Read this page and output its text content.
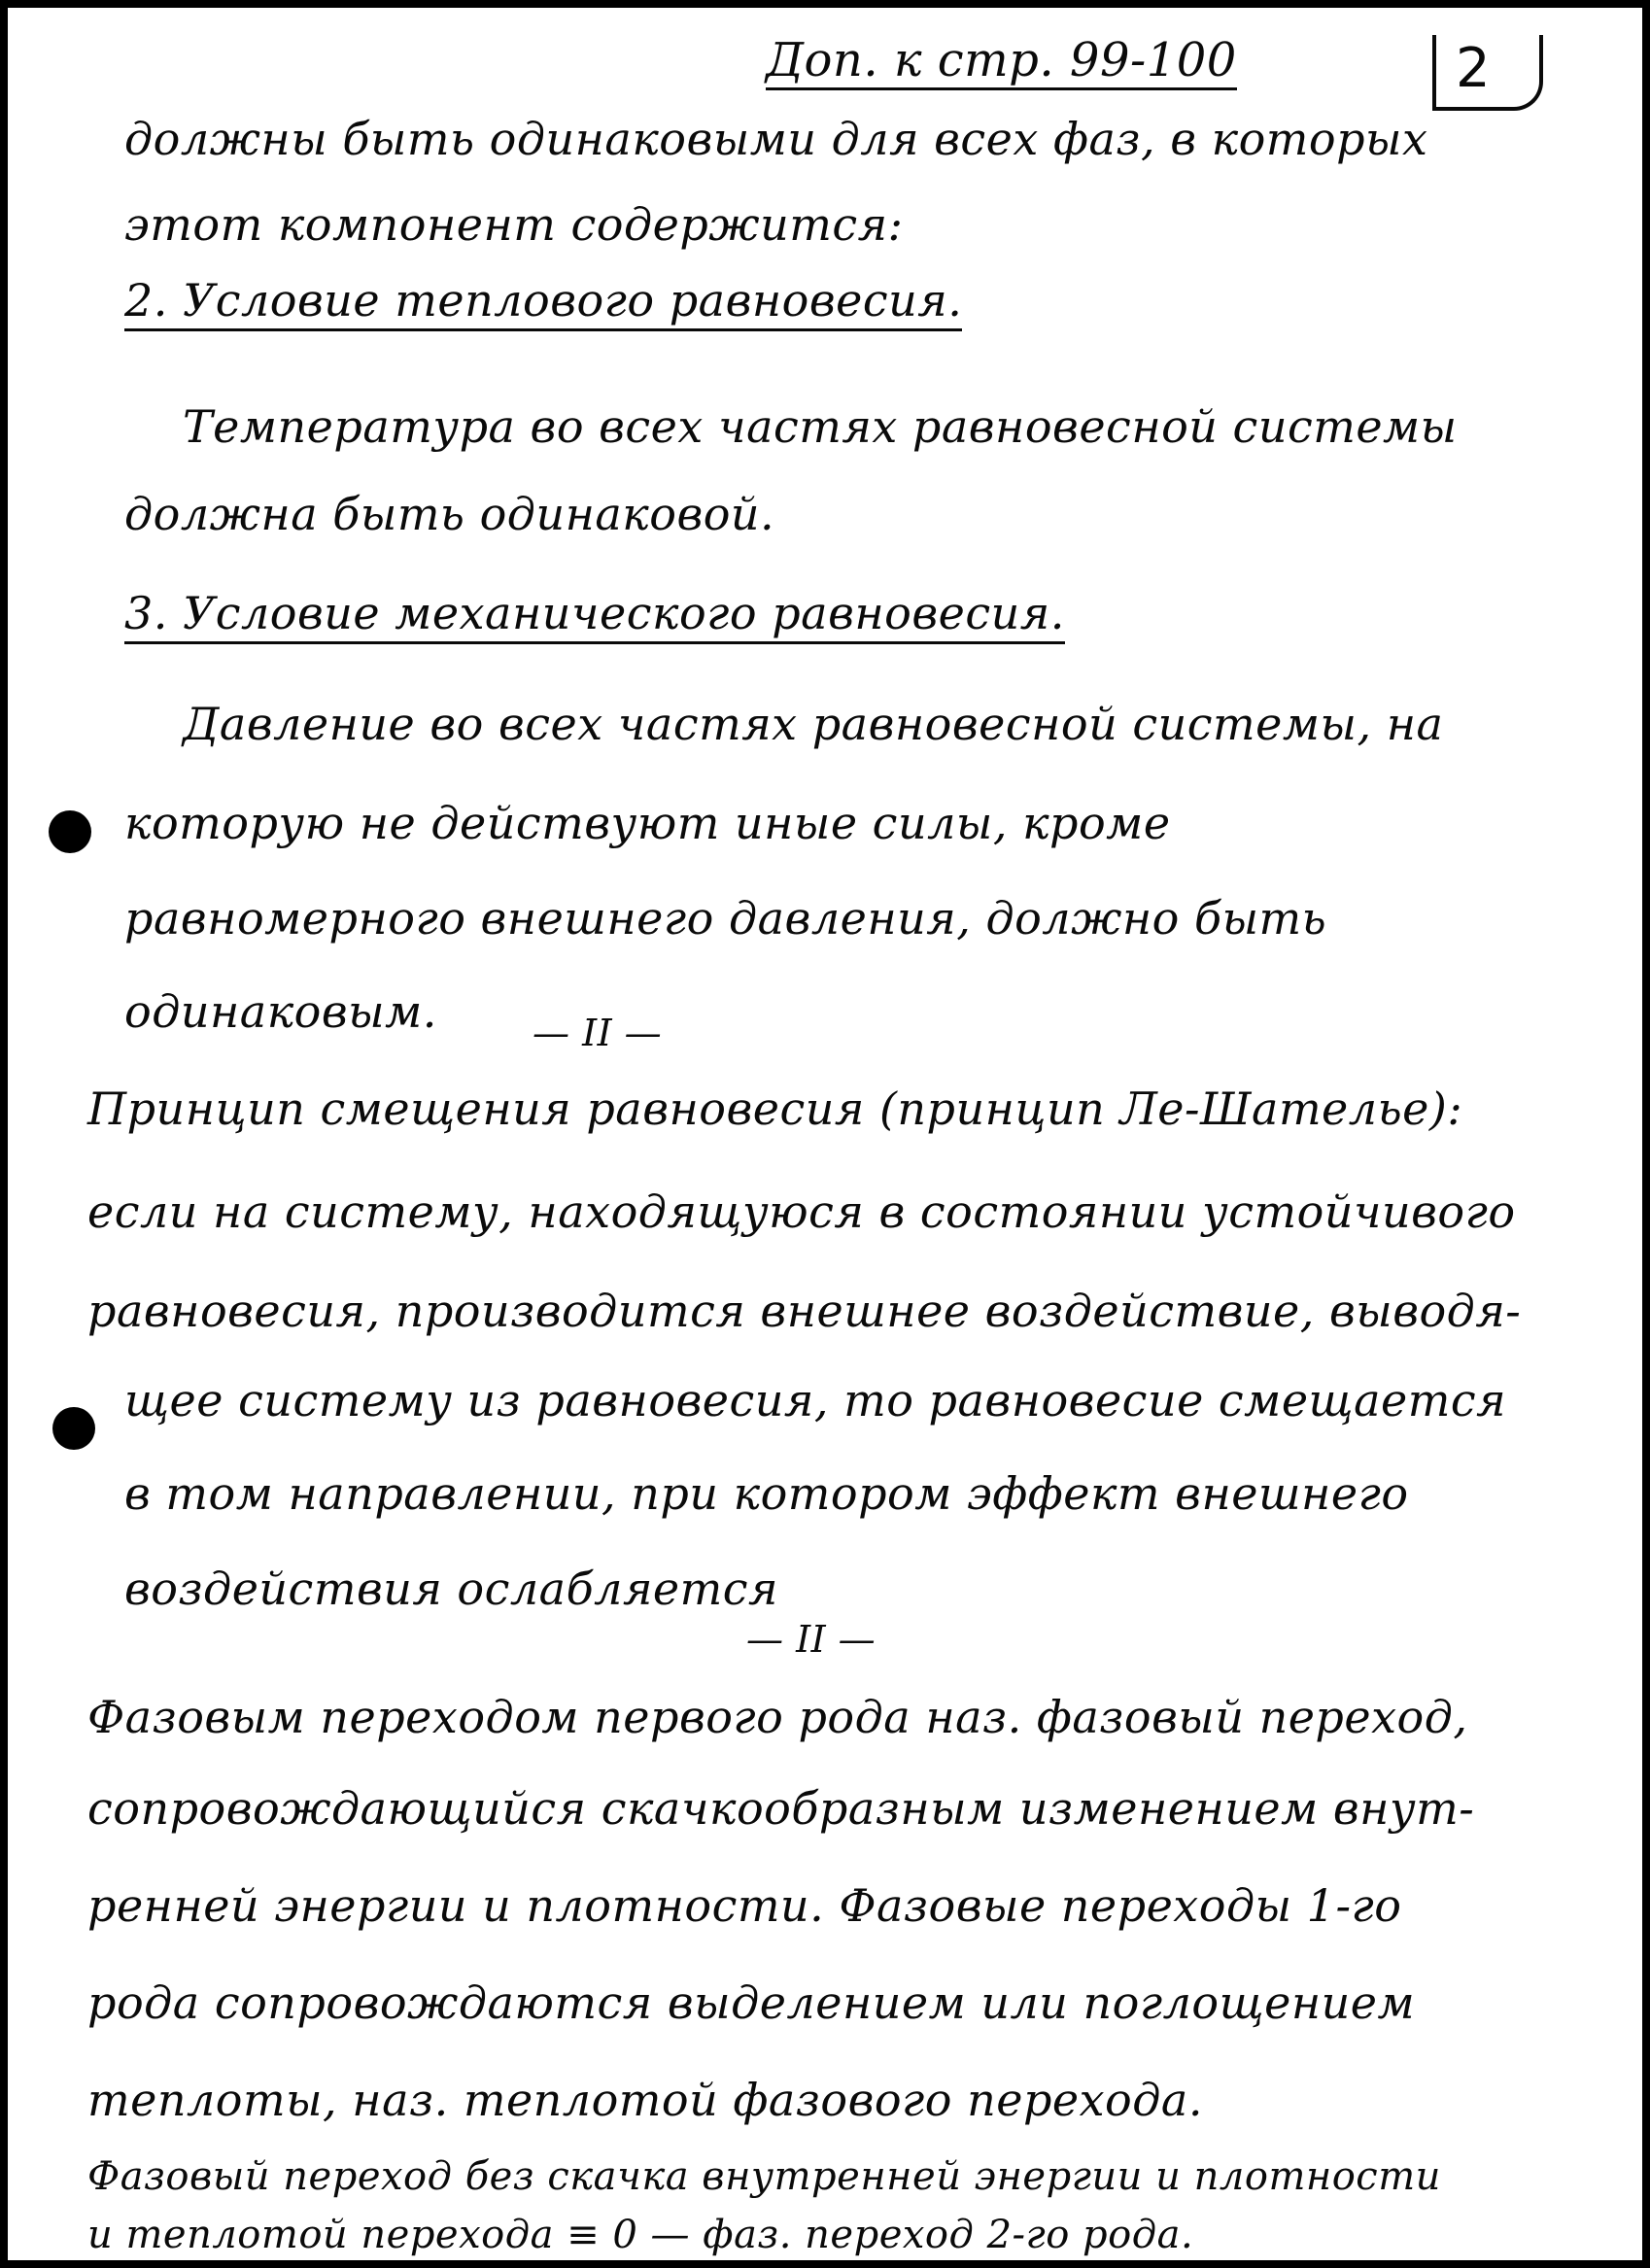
Доп. к стр. 99-100	2
должны быть одинаковыми для всех фаз, в которых
этот компонент содержится:
2. Условие теплового равновесия.
Температура во всех частях равновесной системы
должна быть одинаковой.
3. Условие механического равновесия.
Давление во всех частях равновесной системы, на
которую не действуют иные силы, кроме
равномерного внешнего давления, должно быть
одинаковым.	— II —
Принцип смещения равновесия (принцип Ле-Шателье):
если на систему, находящуюся в состоянии устойчивого
равновесия, производится внешнее воздействие, выводя-
щее систему из равновесия, то равновесие смещается
в том направлении, при котором эффект внешнего
воздействия ослабляется
— II —
Фазовым переходом первого рода наз. фазовый переход,
сопровождающийся скачкообразным изменением внут-
ренней энергии и плотности. Фазовые переходы 1-го
рода сопровождаются выделением или поглощением
теплоты, наз. теплотой фазового перехода.
Фазовый переход без скачка внутренней энергии и плотности
и теплотой перехода ≡ 0 — фаз. переход 2-го рода.
